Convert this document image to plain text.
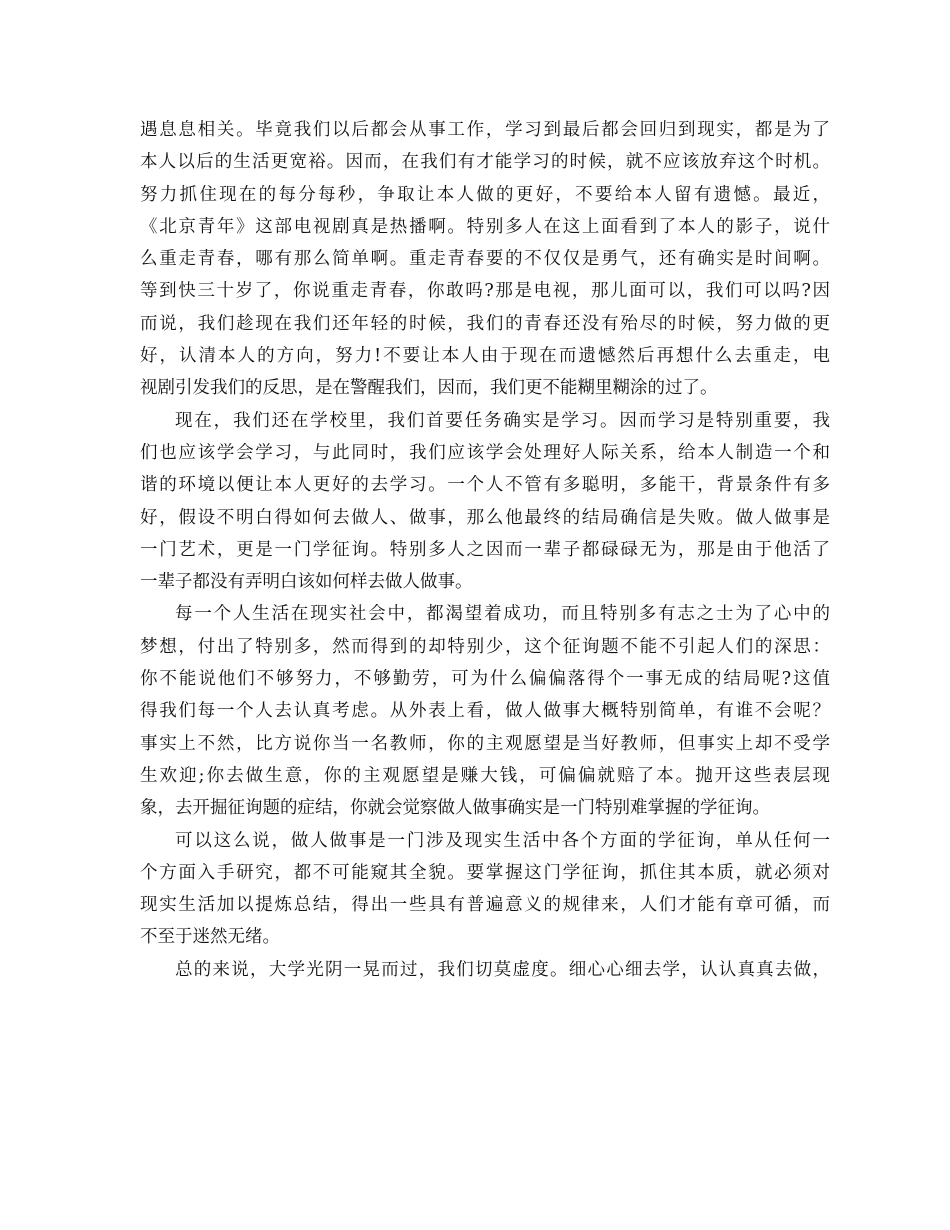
遇息息相关。毕竟我们以后都会从事工作，学习到最后都会回归到现实，都是为了
本人以后的生活更宽裕。因而，在我们有才能学习的时候，就不应该放弃这个时机。
努力抓住现在的每分每秒，争取让本人做的更好，不要给本人留有遗憾。最近，
《北京青年》这部电视剧真是热播啊。特别多人在这上面看到了本人的影子，说什
么重走青春，哪有那么简单啊。重走青春要的不仅仅是勇气，还有确实是时间啊。
等到快三十岁了，你说重走青春，你敢吗?那是电视，那儿面可以，我们可以吗?因
而说，我们趁现在我们还年轻的时候，我们的青春还没有殆尽的时候，努力做的更
好，认清本人的方向，努力!不要让本人由于现在而遗憾然后再想什么去重走，电
视剧引发我们的反思，是在警醒我们，因而，我们更不能糊里糊涂的过了。
现在，我们还在学校里，我们首要任务确实是学习。因而学习是特别重要，我
们也应该学会学习，与此同时，我们应该学会处理好人际关系，给本人制造一个和
谐的环境以便让本人更好的去学习。一个人不管有多聪明，多能干，背景条件有多
好，假设不明白得如何去做人、做事，那么他最终的结局确信是失败。做人做事是
一门艺术，更是一门学征询。特别多人之因而一辈子都碌碌无为，那是由于他活了
一辈子都没有弄明白该如何样去做人做事。
每一个人生活在现实社会中，都渴望着成功，而且特别多有志之士为了心中的
梦想，付出了特别多，然而得到的却特别少，这个征询题不能不引起人们的深思：
你不能说他们不够努力，不够勤劳，可为什么偏偏落得个一事无成的结局呢?这值
得我们每一个人去认真考虑。从外表上看，做人做事大概特别简单，有谁不会呢？
事实上不然，比方说你当一名教师，你的主观愿望是当好教师，但事实上却不受学
生欢迎;你去做生意，你的主观愿望是赚大钱，可偏偏就赔了本。抛开这些表层现
象，去开掘征询题的症结，你就会觉察做人做事确实是一门特别难掌握的学征询。
可以这么说，做人做事是一门涉及现实生活中各个方面的学征询，单从任何一
个方面入手研究，都不可能窥其全貌。要掌握这门学征询，抓住其本质，就必须对
现实生活加以提炼总结，得出一些具有普遍意义的规律来，人们才能有章可循，而
不至于迷然无绪。
总的来说，大学光阴一晃而过，我们切莫虚度。细心心细去学，认认真真去做，
